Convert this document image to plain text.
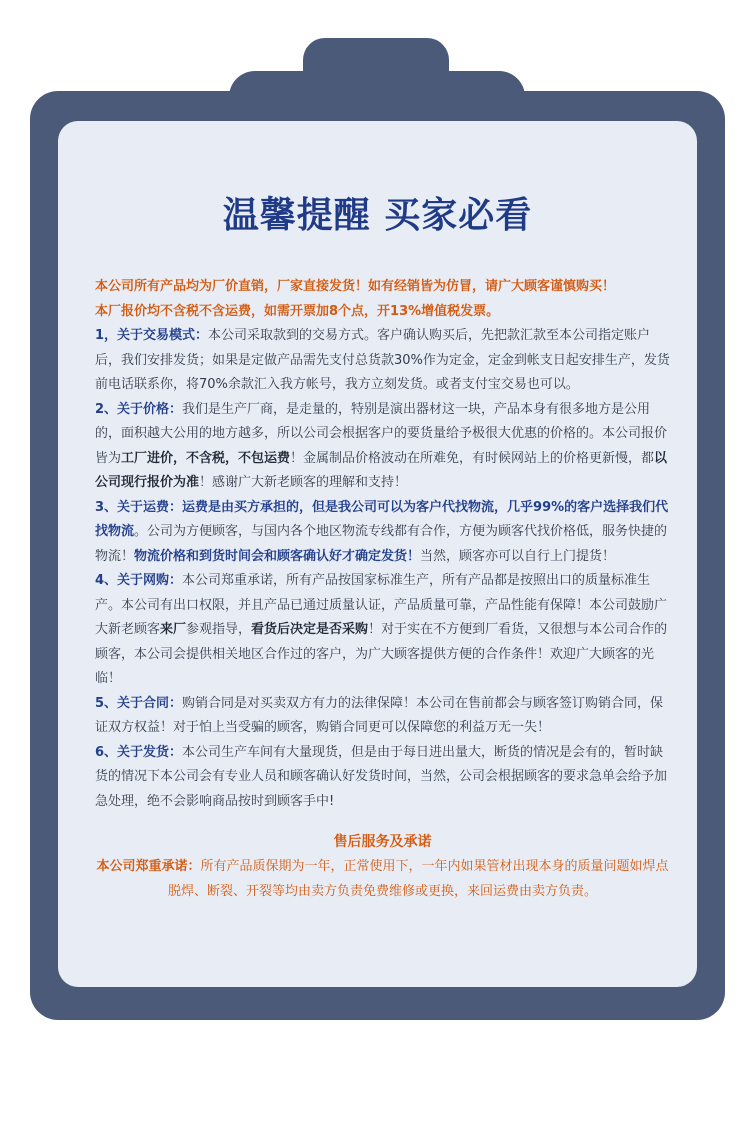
温馨提醒 买家必看

本公司所有产品均为厂价直销，厂家直接发货！如有经销皆为仿冒，请广大顾客谨慎购买！

本厂报价均不含税不含运费，如需开票加8个点，开13%增值税发票。

1，关于交易模式：本公司采取款到的交易方式。客户确认购买后，先把款汇款至本公司指定账户后，我们安排发货；如果是定做产品需先支付总货款30%作为定金，定金到帐支日起安排生产，发货前电话联系你，将70%余款汇入我方帐号，我方立刻发货。或者支付宝交易也可以。

2、关于价格：我们是生产厂商，是走量的，特别是演出器材这一块，产品本身有很多地方是公用的，面积越大公用的地方越多，所以公司会根据客户的要货量给予极很大优惠的价格的。本公司报价皆为工厂进价，不含税，不包运费！金属制品价格波动在所难免，有时候网站上的价格更新慢，都以公司现行报价为准！感谢广大新老顾客的理解和支持！

3、关于运费：运费是由买方承担的，但是我公司可以为客户代找物流，几乎99%的客户选择我们代找物流。公司为方便顾客，与国内各个地区物流专线都有合作，方便为顾客代找价格低，服务快捷的物流！物流价格和到货时间会和顾客确认好才确定发货！当然，顾客亦可以自行上门提货！

4、关于网购：本公司郑重承诺，所有产品按国家标准生产，所有产品都是按照出口的质量标准生产。本公司有出口权限，并且产品已通过质量认证，产品质量可靠，产品性能有保障！本公司鼓励广大新老顾客来厂参观指导，看货后决定是否采购！对于实在不方便到厂看货，又很想与本公司合作的顾客，本公司会提供相关地区合作过的客户，为广大顾客提供方便的合作条件！欢迎广大顾客的光临！

5、关于合同：购销合同是对买卖双方有力的法律保障！本公司在售前都会与顾客签订购销合同，保证双方权益！对于怕上当受骗的顾客，购销合同更可以保障您的利益万无一失！

6、关于发货：本公司生产车间有大量现货，但是由于每日进出量大，断货的情况是会有的，暂时缺货的情况下本公司会有专业人员和顾客确认好发货时间，当然，公司会根据顾客的要求急单会给予加急处理，绝不会影响商品按时到顾客手中!

售后服务及承诺

本公司郑重承诺：所有产品质保期为一年，正常使用下，一年内如果管材出现本身的质量问题如焊点脱焊、断裂、开裂等均由卖方负责免费维修或更换，来回运费由卖方负责。
